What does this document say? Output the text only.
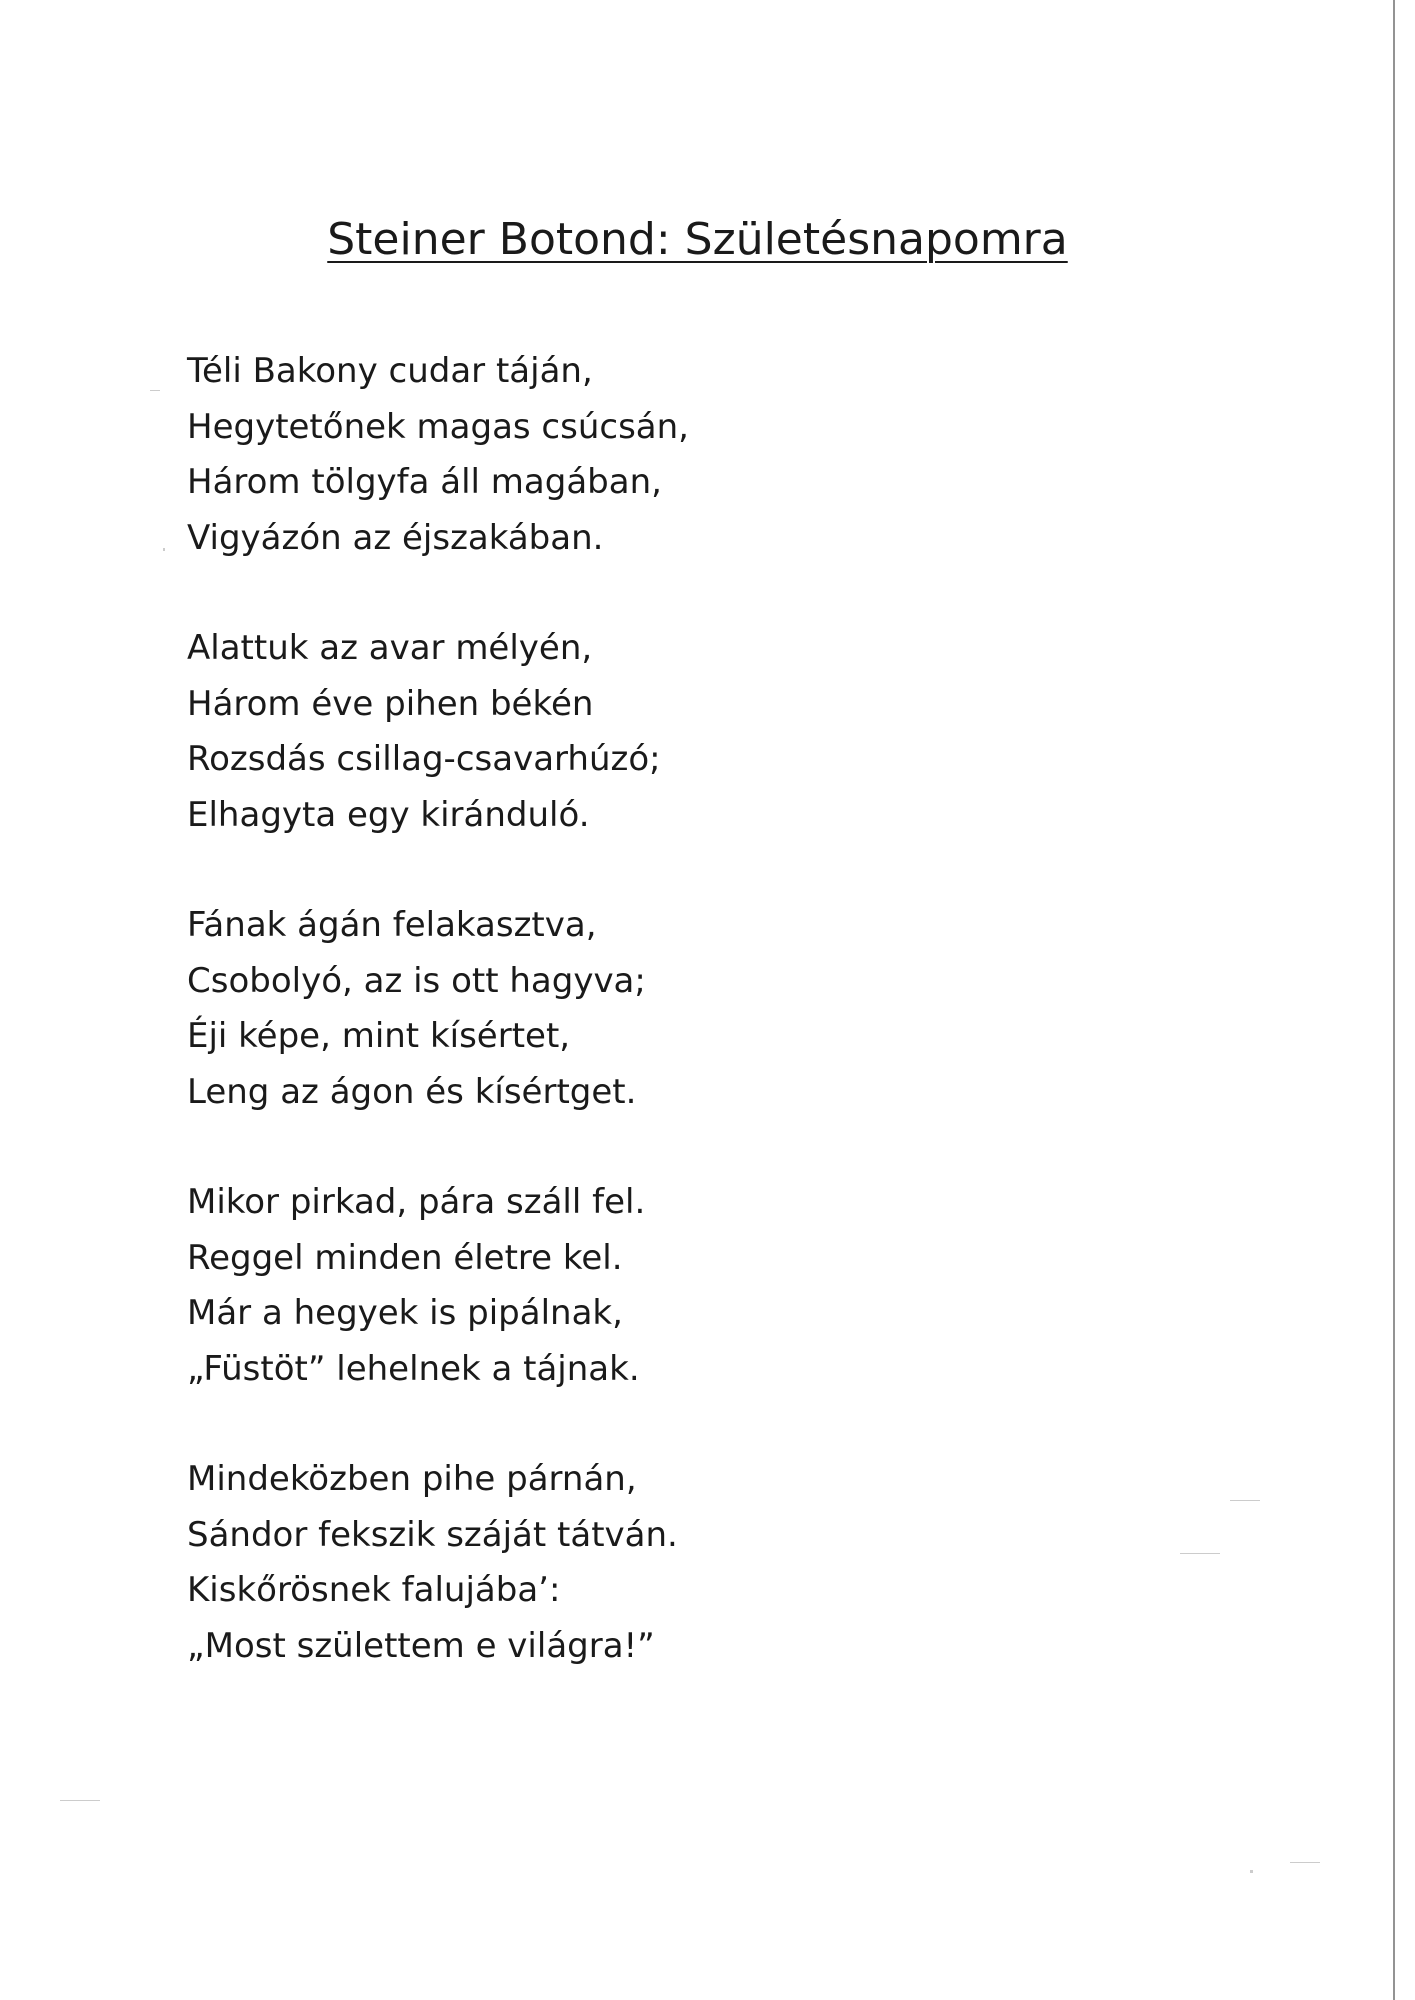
Steiner Botond: Születésnapomra
Téli Bakony cudar táján,
Hegytetőnek magas csúcsán,
Három tölgyfa áll magában,
Vigyázón az éjszakában.
Alattuk az avar mélyén,
Három éve pihen békén
Rozsdás csillag-csavarhúzó;
Elhagyta egy kiránduló.
Fának ágán felakasztva,
Csobolyó, az is ott hagyva;
Éji képe, mint kísértet,
Leng az ágon és kísértget.
Mikor pirkad, pára száll fel.
Reggel minden életre kel.
Már a hegyek is pipálnak,
„Füstöt” lehelnek a tájnak.
Mindeközben pihe párnán,
Sándor fekszik száját tátván.
Kiskőrösnek falujába’:
„Most születtem e világra!”
